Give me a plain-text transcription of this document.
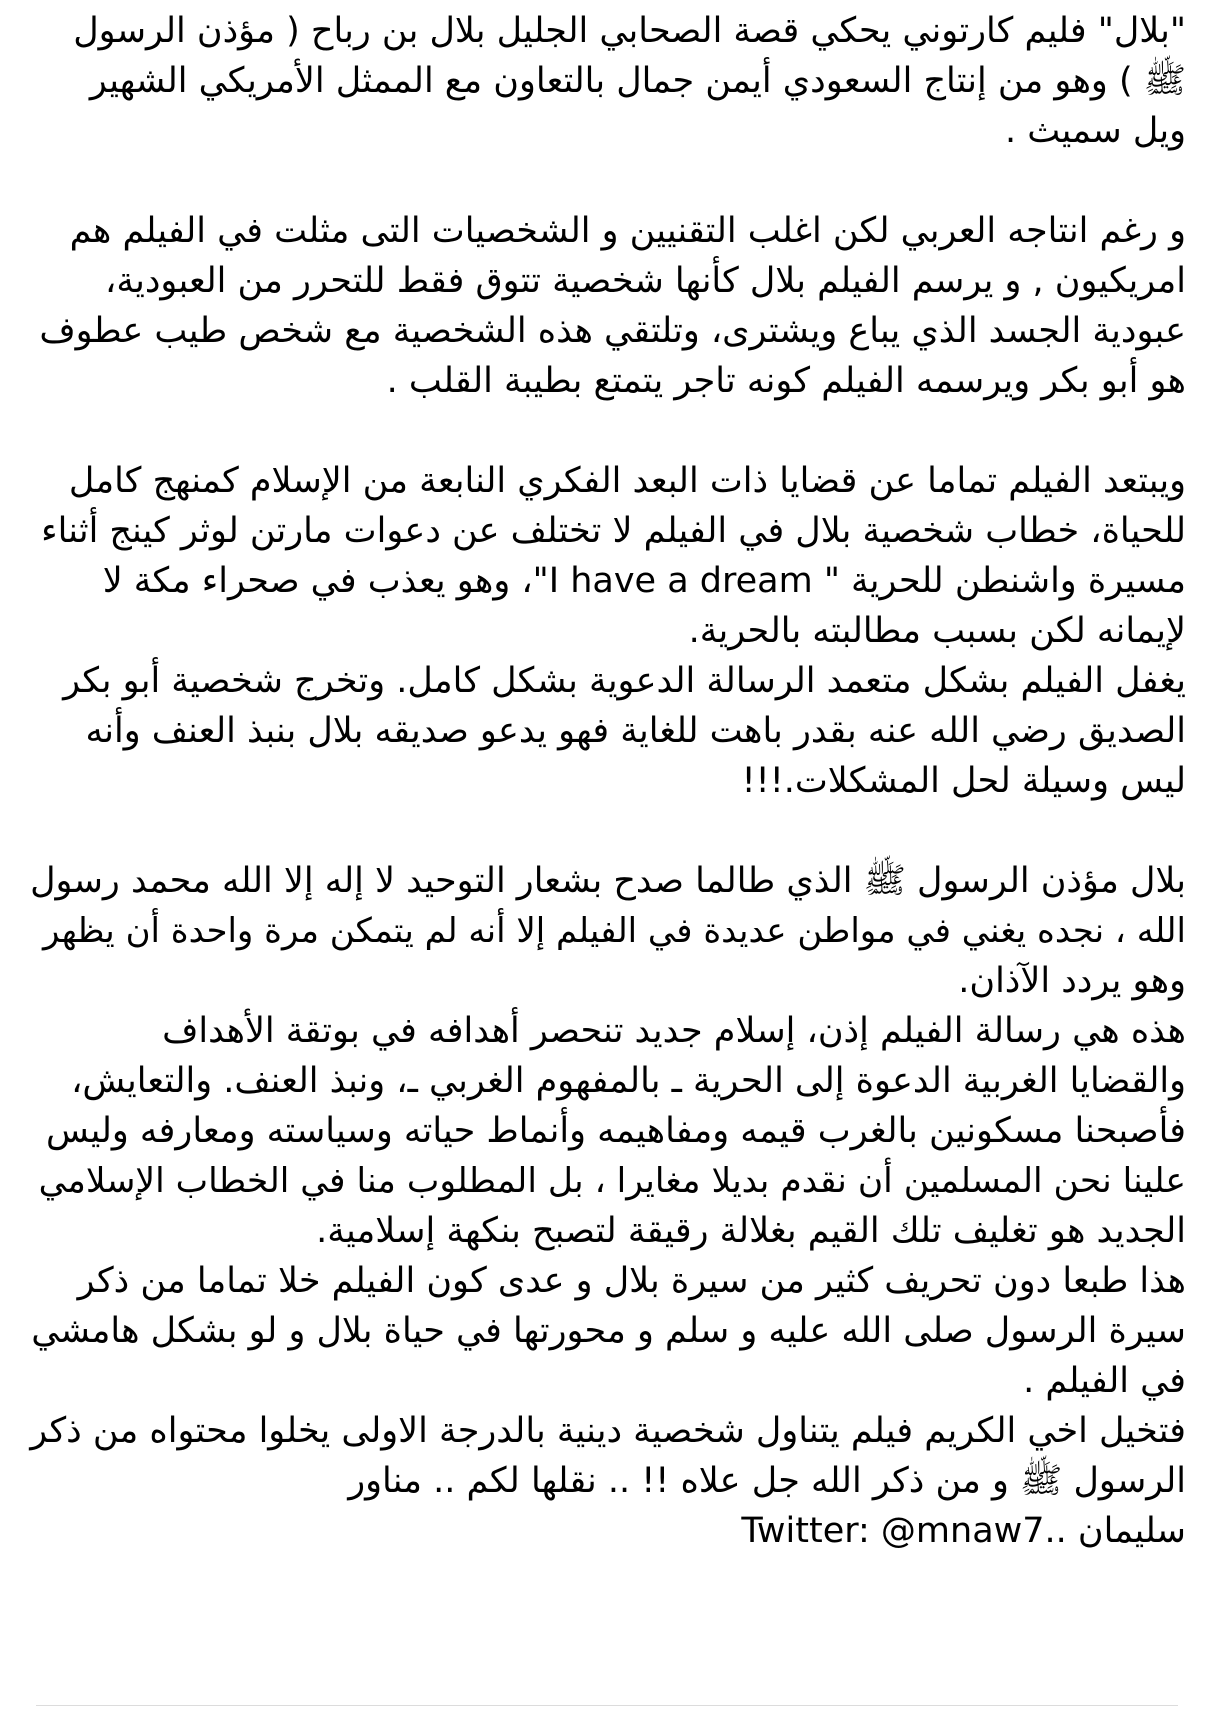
"بلال" فليم كارتوني يحكي قصة الصحابي الجليل بلال بن رباح ( مؤذن الرسول
ﷺ ) وهو من إنتاج السعودي أيمن جمال بالتعاون مع الممثل الأمريكي الشهير
ويل سميث .
و رغم انتاجه العربي لكن اغلب التقنيين و الشخصيات التى مثلت في الفيلم هم
امريكيون , و يرسم الفيلم بلال كأنها شخصية تتوق فقط للتحرر من العبودية،
عبودية الجسد الذي يباع ويشترى، وتلتقي هذه الشخصية مع شخص طيب عطوف
هو أبو بكر ويرسمه الفيلم كونه تاجر يتمتع بطيبة القلب .
ويبتعد الفيلم تماما عن قضايا ذات البعد الفكري النابعة من الإسلام كمنهج كامل
للحياة، خطاب شخصية بلال في الفيلم لا تختلف عن دعوات مارتن لوثر كينج أثناء
مسيرة واشنطن للحرية " I have a dream"، وهو يعذب في صحراء مكة لا
لإيمانه لكن بسبب مطالبته بالحرية.
يغفل الفيلم بشكل متعمد الرسالة الدعوية بشكل كامل. وتخرج شخصية أبو بكر
الصديق رضي الله عنه بقدر باهت للغاية فهو يدعو صديقه بلال بنبذ العنف وأنه
ليس وسيلة لحل المشكلات.!!!
بلال مؤذن الرسول ﷺ الذي طالما صدح بشعار التوحيد لا إله إلا الله محمد رسول
الله ، نجده يغني في مواطن عديدة في الفيلم إلا أنه لم يتمكن مرة واحدة أن يظهر
وهو يردد الآذان.
هذه هي رسالة الفيلم إذن، إسلام جديد تنحصر أهدافه في بوتقة الأهداف
والقضايا الغربية الدعوة إلى الحرية ـ بالمفهوم الغربي ـ، ونبذ العنف. والتعايش،
فأصبحنا مسكونين بالغرب قيمه ومفاهيمه وأنماط حياته وسياسته ومعارفه وليس
علينا نحن المسلمين أن نقدم بديلا مغايرا ، بل المطلوب منا في الخطاب الإسلامي
الجديد هو تغليف تلك القيم بغلالة رقيقة لتصبح بنكهة إسلامية.
هذا طبعا دون تحريف كثير من سيرة بلال و عدى كون الفيلم خلا تماما من ذكر
سيرة الرسول صلى الله عليه و سلم و محورتها في حياة بلال و لو بشكل هامشي
في الفيلم .
فتخيل اخي الكريم فيلم يتناول شخصية دينية بالدرجة الاولى يخلوا محتواه من ذكر
الرسول ﷺ و من ذكر الله جل علاه !! .. نقلها لكم .. مناور
سليمان ..Twitter: @mnaw7
